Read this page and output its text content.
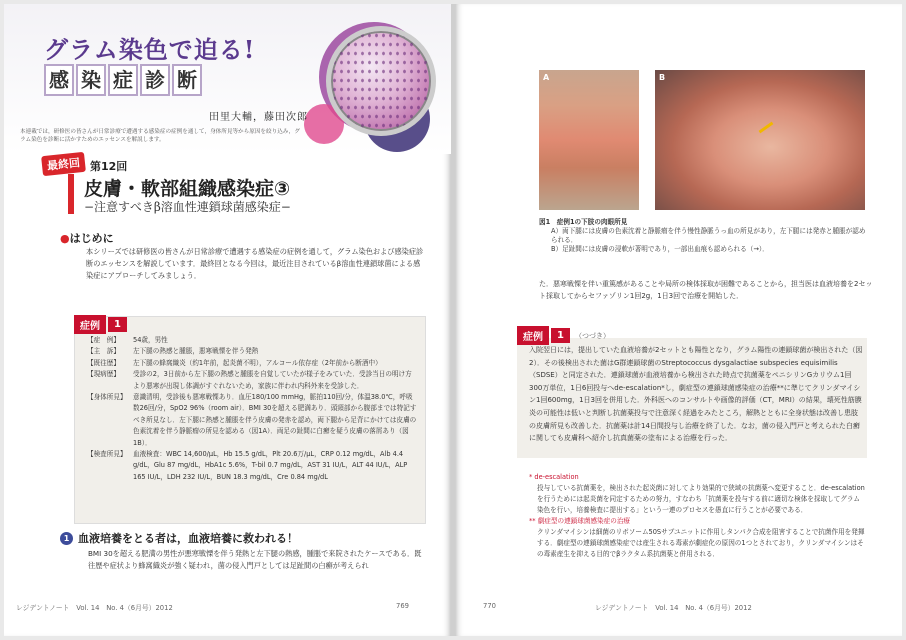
グラム染色で迫る!
感 染 症 診 断
田里大輔，藤田次郎
本連載では，研修医の皆さんが日常診療で遭遇する感染症の症例を通して，身体所見等から原因を絞り込み，グラム染色を診断に活かすためのエッセンスを解説します。
最終回 第12回
皮膚・軟部組織感染症③
−注意すべきβ溶血性連鎖球菌感染症−
●はじめに
本シリーズでは研修医の皆さんが日常診療で遭遇する感染症の症例を通して，グラム染色および感染症診断のエッセンスを解説しています．最終回となる今回は，最近注目されているβ溶血性連鎖球菌による感染症にアプローチしてみましょう．
症例	1
【症　例】	54歳，男性
【主　訴】	左下腿の熱感と腫脹，悪寒戦慄を伴う発熱
【既往歴】	左下腿の蜂窩織炎（約1年前，起炎菌不明），アルコール依存症（2年前から断酒中）
【現病歴】	受診の2，3日前から左下腿の熱感と腫脹を自覚していたが様子をみていた．受診当日の明け方より悪寒が出現し体調がすぐれないため，家族に伴われ内科外来を受診した．
【身体所見】 意識清明，受診後も悪寒戦慄あり．血圧180/100 mmHg，脈拍110回/分，体温38.0℃，呼吸数26回/分，SpO2 96%（room air）．BMI 30を超える肥満あり．頭頸部から腹部までは特記すべき所見なし．左下腿に熱感と腫脹を伴う皮膚の発赤を認め，両下腿から足背にかけては皮膚の色素沈着を伴う静脈瘤の所見を認める（図1A）．両足の趾間に白癬を疑う皮膚の落屑あり（図1B）．
【検査所見】 血液検査：WBC 14,600/μL，Hb 15.5 g/dL，Plt 20.6万/μL，CRP 0.12 mg/dL，Alb 4.4 g/dL，Glu 87 mg/dL，HbA1c 5.6%，T-bil 0.7 mg/dL，AST 31 IU/L，ALT 44 IU/L，ALP 165 IU/L，LDH 232 IU/L，BUN 18.3 mg/dL，Cre 0.84 mg/dL
1 血液培養をとる者は，血液培養に救われる！
BMI 30を超える肥満の男性が悪寒戦慄を伴う発熱と左下腿の熱感，腫脹で来院されたケースである．既往歴や症状より蜂窩織炎が強く疑われ，菌の侵入門戸としては足趾間の白癬が考えられ
レジデントノート　Vol. 14　No. 4（6月号）2012	769
A	B
図1　症例1の下肢の肉眼所見
A）両下腿には皮膚の色素沈着と静脈瘤を伴う慢性静脈うっ血の所見があり，左下腿には発赤と腫脹が認められる．
B）足趾間には皮膚の浸軟が著明であり，一部出血痕も認められる（→）．
た．悪寒戦慄を伴い重篤感があることや局所の検体採取が困難であることから，担当医は血液培養を2セット採取してからセファゾリン1回2g，1日3回で治療を開始した．
症例	1	（つづき）
入院翌日には，提出していた血液培養が2セットとも陽性となり，グラム陽性の連鎖球菌が検出された（図2）．その後検出された菌はG群連鎖球菌のStreptococcus dysgalactiae subspecies equisimilis（SDSE）と同定された．連鎖球菌が血液培養から検出された時点で抗菌薬をペニシリンGカリウム1回300万単位，1日6回投与へde-escalation*し，劇症型の連鎖球菌感染症の治療**に準じてクリンダマイシン1回600mg，1日3回を併用した．外科医へのコンサルトや画像的評価（CT，MRI）の結果，壊死性筋膜炎の可能性は低いと判断し抗菌薬投与で注意深く経過をみたところ，解熱とともに全身状態は改善し患肢の皮膚所見も改善した．抗菌薬は計14日間投与し治療を終了した．なお，菌の侵入門戸と考えられた白癬に関しても皮膚科へ紹介し抗真菌薬の塗布による治療を行った．
* de-escalation
投与している抗菌薬を，検出された起炎菌に対してより効果的で狭域の抗菌薬へ変更すること．de-escalationを行うためには起炎菌を同定するための努力，すなわち「抗菌薬を投与する前に適切な検体を採取してグラム染色を行い，培養検査に提出する」という一連のプロセスを愚直に行うことが必要である．
** 劇症型の連鎖球菌感染症の治療
クリンダマイシンは細菌のリボソーム50Sサブユニットに作用しタンパク合成を阻害することで抗菌作用を発揮する．劇症型の連鎖球菌感染症では産生される毒素が劇症化の原因の1つとされており，クリンダマイシンはその毒素産生を抑える目的でβラクタム系抗菌薬と併用される．
770	レジデントノート　Vol. 14　No. 4（6月号）2012
